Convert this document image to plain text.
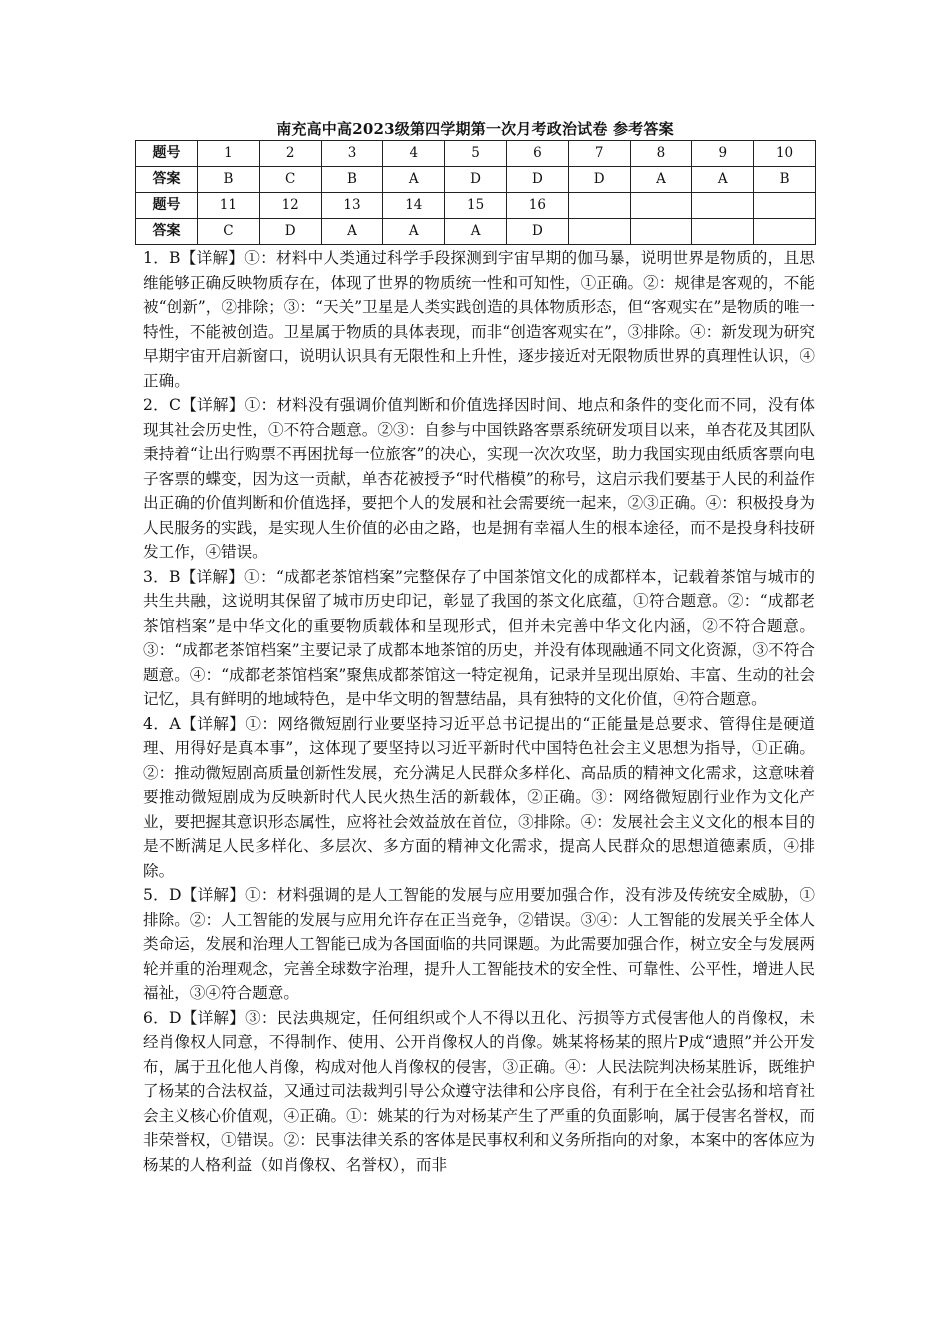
南充高中高2023级第四学期第一次月考政治试卷 参考答案
题号	1	2	3	4	5	6	7	8	9	10
答案	B	C	B	A	D	D	D	A	A	B
题号	11	12	13	14	15	16				
答案	C	D	A	A	A	D				

1．B【详解】①：材料中人类通过科学手段探测到宇宙早期的伽马暴，说明世界是物质的，且思维能够正确反映物质存在，体现了世界的物质统一性和可知性，①正确。②：规律是客观的，不能被“创新”，②排除；③：“天关”卫星是人类实践创造的具体物质形态，但“客观实在”是物质的唯一特性，不能被创造。卫星属于物质的具体表现，而非“创造客观实在”，③排除。④：新发现为研究早期宇宙开启新窗口，说明认识具有无限性和上升性，逐步接近对无限物质世界的真理性认识，④正确。

2．C【详解】①：材料没有强调价值判断和价值选择因时间、地点和条件的变化而不同，没有体现其社会历史性，①不符合题意。②③：自参与中国铁路客票系统研发项目以来，单杏花及其团队秉持着“让出行购票不再困扰每一位旅客”的决心，实现一次次攻坚，助力我国实现由纸质客票向电子客票的蝶变，因为这一贡献，单杏花被授予“时代楷模”的称号，这启示我们要基于人民的利益作出正确的价值判断和价值选择，要把个人的发展和社会需要统一起来，②③正确。④：积极投身为人民服务的实践，是实现人生价值的必由之路，也是拥有幸福人生的根本途径，而不是投身科技研发工作，④错误。

3．B【详解】①：“成都老茶馆档案”完整保存了中国茶馆文化的成都样本，记载着茶馆与城市的共生共融，这说明其保留了城市历史印记，彰显了我国的茶文化底蕴，①符合题意。②：“成都老茶馆档案”是中华文化的重要物质载体和呈现形式，但并未完善中华文化内涵，②不符合题意。③：“成都老茶馆档案”主要记录了成都本地茶馆的历史，并没有体现融通不同文化资源，③不符合题意。④：“成都老茶馆档案”聚焦成都茶馆这一特定视角，记录并呈现出原始、丰富、生动的社会记忆，具有鲜明的地域特色，是中华文明的智慧结晶，具有独特的文化价值，④符合题意。

4．A【详解】①：网络微短剧行业要坚持习近平总书记提出的“正能量是总要求、管得住是硬道理、用得好是真本事”，这体现了要坚持以习近平新时代中国特色社会主义思想为指导，①正确。②：推动微短剧高质量创新性发展，充分满足人民群众多样化、高品质的精神文化需求，这意味着要推动微短剧成为反映新时代人民火热生活的新载体，②正确。③：网络微短剧行业作为文化产业，要把握其意识形态属性，应将社会效益放在首位，③排除。④：发展社会主义文化的根本目的是不断满足人民多样化、多层次、多方面的精神文化需求，提高人民群众的思想道德素质，④排除。

5．D【详解】①：材料强调的是人工智能的发展与应用要加强合作，没有涉及传统安全威胁，①排除。②：人工智能的发展与应用允许存在正当竞争，②错误。③④：人工智能的发展关乎全体人类命运，发展和治理人工智能已成为各国面临的共同课题。为此需要加强合作，树立安全与发展两轮并重的治理观念，完善全球数字治理，提升人工智能技术的安全性、可靠性、公平性，增进人民福祉，③④符合题意。

6．D【详解】③：民法典规定，任何组织或个人不得以丑化、污损等方式侵害他人的肖像权，未经肖像权人同意，不得制作、使用、公开肖像权人的肖像。姚某将杨某的照片P成“遗照”并公开发布，属于丑化他人肖像，构成对他人肖像权的侵害，③正确。④：人民法院判决杨某胜诉，既维护了杨某的合法权益，又通过司法裁判引导公众遵守法律和公序良俗，有利于在全社会弘扬和培育社会主义核心价值观，④正确。①：姚某的行为对杨某产生了严重的负面影响，属于侵害名誉权，而非荣誉权，①错误。②：民事法律关系的客体是民事权利和义务所指向的对象，本案中的客体应为杨某的人格利益（如肖像权、名誉权），而非
